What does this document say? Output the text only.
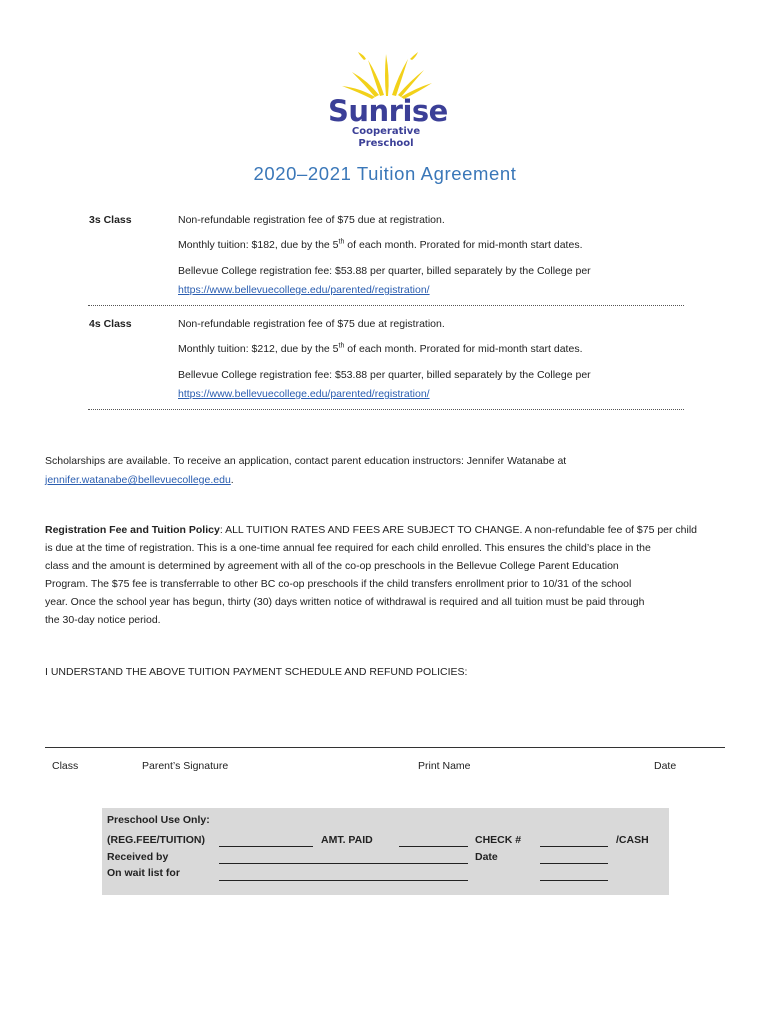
Sunrise
Cooperative
Preschool
2020–2021 Tuition Agreement
3s Class	Non-refundable registration fee of $75 due at registration.
Monthly tuition: $182, due by the 5th of each month. Prorated for mid-month start dates.
Bellevue College registration fee: $53.88 per quarter, billed separately by the College per
https://www.bellevuecollege.edu/parented/registration/
4s Class	Non-refundable registration fee of $75 due at registration.
Monthly tuition: $212, due by the 5th of each month. Prorated for mid-month start dates.
Bellevue College registration fee: $53.88 per quarter, billed separately by the College per
https://www.bellevuecollege.edu/parented/registration/
Scholarships are available. To receive an application, contact parent education instructors: Jennifer Watanabe at
jennifer.watanabe@bellevuecollege.edu.
Registration Fee and Tuition Policy: ALL TUITION RATES AND FEES ARE SUBJECT TO CHANGE. A non-refundable fee of $75 per child
is due at the time of registration. This is a one-time annual fee required for each child enrolled. This ensures the child’s place in the
class and the amount is determined by agreement with all of the co-op preschools in the Bellevue College Parent Education
Program. The $75 fee is transferrable to other BC co-op preschools if the child transfers enrollment prior to 10/31 of the school
year. Once the school year has begun, thirty (30) days written notice of withdrawal is required and all tuition must be paid through
the 30-day notice period.
I UNDERSTAND THE ABOVE TUITION PAYMENT SCHEDULE AND REFUND POLICIES:
Class	Parent’s Signature	Print Name	Date
Preschool Use Only:
(REG.FEE/TUITION)	AMT. PAID	CHECK #	/CASH
Received by	Date
On wait list for
